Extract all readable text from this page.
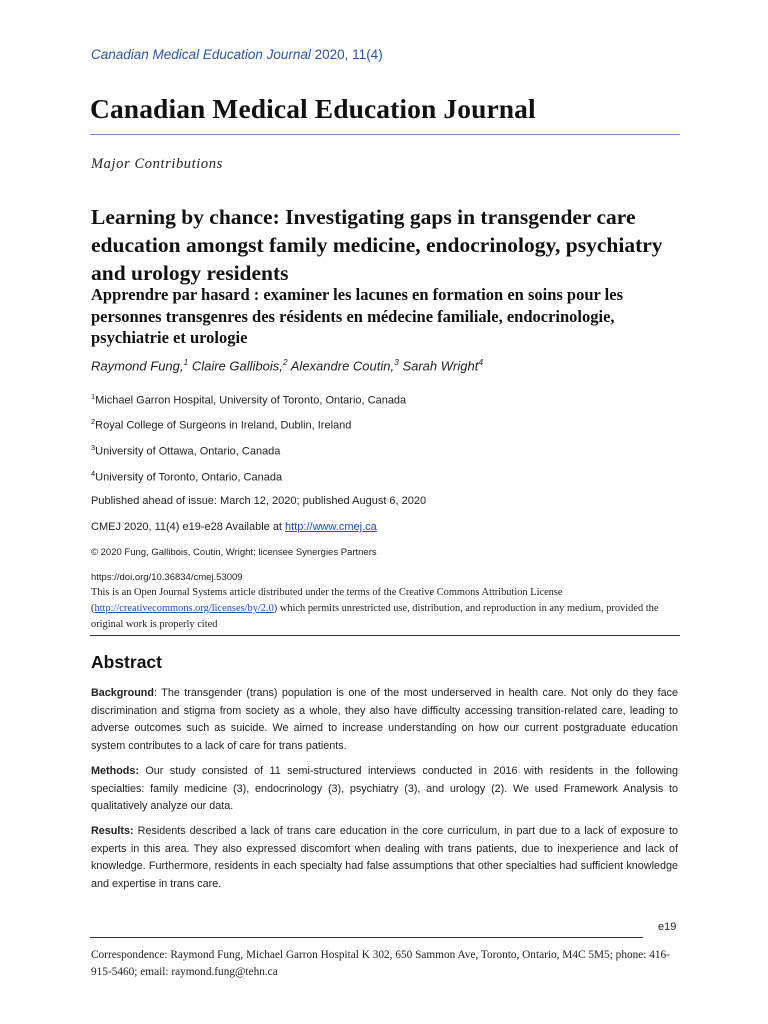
Canadian Medical Education Journal 2020, 11(4)
Canadian Medical Education Journal
Major Contributions
Learning by chance: Investigating gaps in transgender care education amongst family medicine, endocrinology, psychiatry and urology residents
Apprendre par hasard : examiner les lacunes en formation en soins pour les personnes transgenres des résidents en médecine familiale, endocrinologie, psychiatrie et urologie
Raymond Fung,$^1$ Claire Gallibois,$^2$ Alexandre Coutin,$^3$ Sarah Wright$^4$
$^1$Michael Garron Hospital, University of Toronto, Ontario, Canada
$^2$Royal College of Surgeons in Ireland, Dublin, Ireland
$^3$University of Ottawa, Ontario, Canada
$^4$University of Toronto, Ontario, Canada
Published ahead of issue: March 12, 2020; published August 6, 2020
CMEJ 2020, 11(4) e19-e28 Available at http://www.cmej.ca
© 2020 Fung, Gallibois, Coutin, Wright; licensee Synergies Partners
https://doi.org/10.36834/cmej.53009
This is an Open Journal Systems article distributed under the terms of the Creative Commons Attribution License (http://creativecommons.org/licenses/by/2.0) which permits unrestricted use, distribution, and reproduction in any medium, provided the original work is properly cited
Abstract
Background: The transgender (trans) population is one of the most underserved in health care. Not only do they face discrimination and stigma from society as a whole, they also have difficulty accessing transition-related care, leading to adverse outcomes such as suicide. We aimed to increase understanding on how our current postgraduate education system contributes to a lack of care for trans patients.
Methods: Our study consisted of 11 semi-structured interviews conducted in 2016 with residents in the following specialties: family medicine (3), endocrinology (3), psychiatry (3), and urology (2). We used Framework Analysis to qualitatively analyze our data.
Results: Residents described a lack of trans care education in the core curriculum, in part due to a lack of exposure to experts in this area. They also expressed discomfort when dealing with trans patients, due to inexperience and lack of knowledge. Furthermore, residents in each specialty had false assumptions that other specialties had sufficient knowledge and expertise in trans care.
e19
Correspondence: Raymond Fung, Michael Garron Hospital K 302, 650 Sammon Ave, Toronto, Ontario, M4C 5M5; phone: 416-915-5460; email: raymond.fung@tehn.ca
